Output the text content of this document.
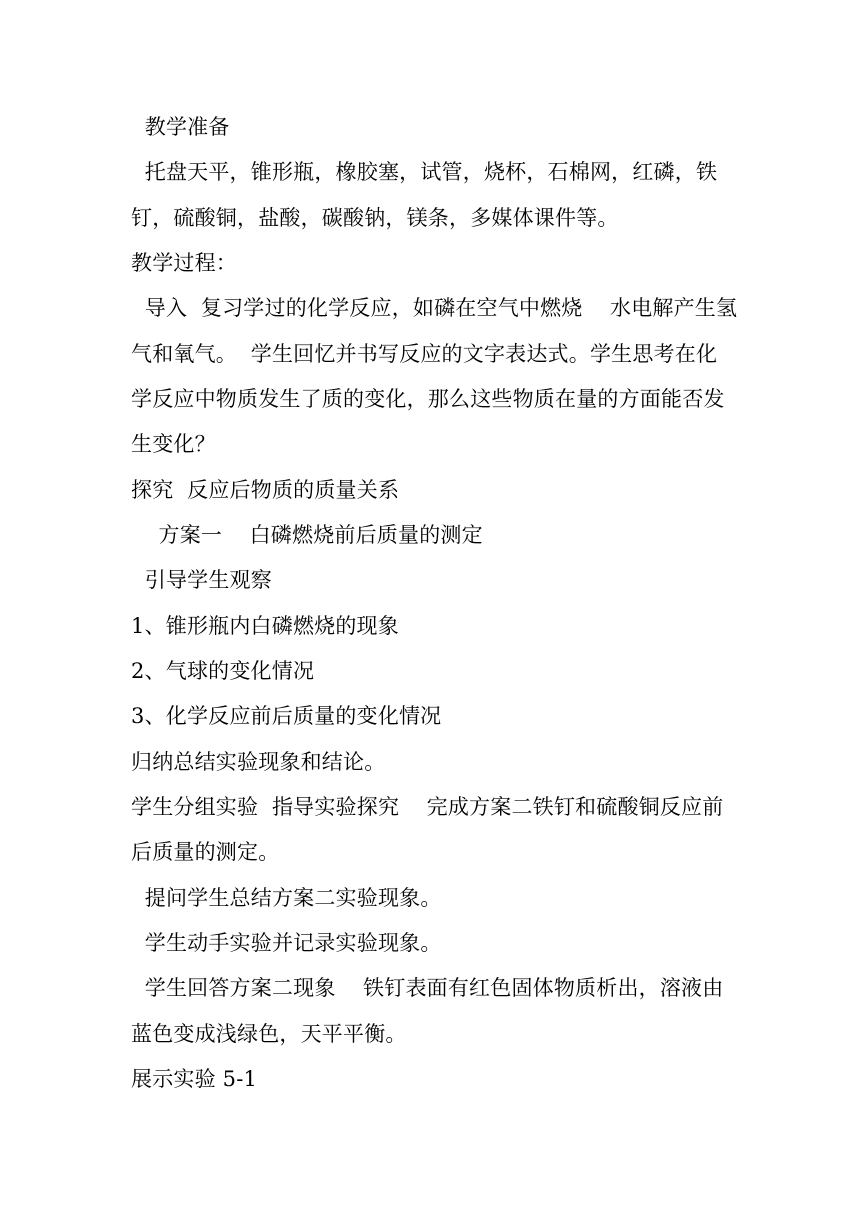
教学准备
托盘天平，锥形瓶，橡胶塞，试管，烧杯，石棉网，红磷，铁
钉，硫酸铜，盐酸，碳酸钠，镁条，多媒体课件等。
教学过程：
导入  复习学过的化学反应，如磷在空气中燃烧    水电解产生氢
气和氧气。  学生回忆并书写反应的文字表达式。学生思考在化
学反应中物质发生了质的变化，那么这些物质在量的方面能否发
生变化？
探究  反应后物质的质量关系
方案一    白磷燃烧前后质量的测定
引导学生观察
1、锥形瓶内白磷燃烧的现象
2、气球的变化情况
3、化学反应前后质量的变化情况
归纳总结实验现象和结论。
学生分组实验  指导实验探究    完成方案二铁钉和硫酸铜反应前
后质量的测定。
提问学生总结方案二实验现象。
学生动手实验并记录实验现象。
学生回答方案二现象    铁钉表面有红色固体物质析出，溶液由
蓝色变成浅绿色，天平平衡。
展示实验 5-1
